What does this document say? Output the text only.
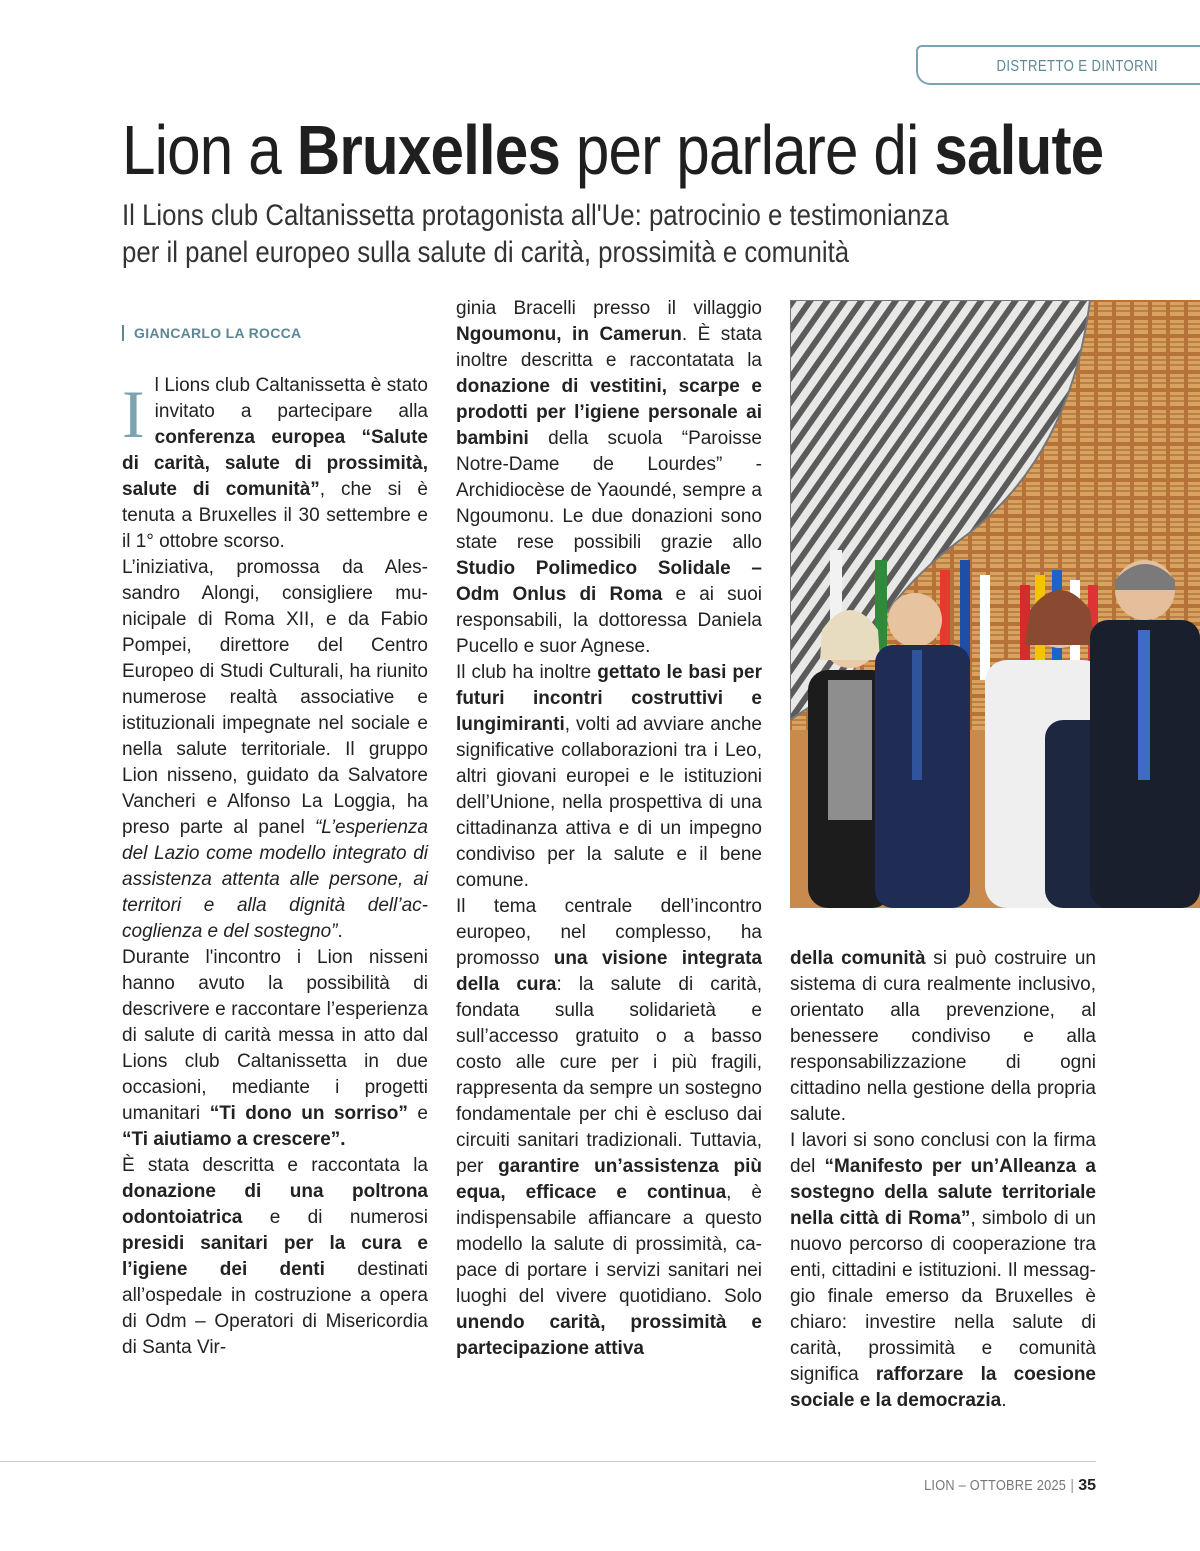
DISTRETTO E DINTORNI
Lion a Bruxelles per parlare di salute
Il Lions club Caltanissetta protagonista all'Ue: patrocinio e testimonianza
per il panel europeo sulla salute di carità, prossimità e comunità
GIANCARLO LA ROCCA

I l Lions club Caltanissetta è stato invitato a partecipare alla conferenza europea “Salute di carità, salute di prossimità, salute di comunità”, che si è tenuta a Bruxelles il 30 settembre e il 1° ottobre scorso.

L’iniziativa, promossa da Alessandro Alongi, consigliere municipale di Roma XII, e da Fabio Pompei, direttore del Centro Europeo di Studi Culturali, ha riunito numerose realtà associative e istituzionali impegnate nel sociale e nella salute territoriale. Il gruppo Lion nisseno, guidato da Salvatore Vancheri e Alfonso La Loggia, ha preso parte al panel “L’esperienza del Lazio come modello integrato di assistenza attenta alle persone, ai territori e alla dignità dell’accoglienza e del sostegno”.

Durante l'incontro i Lion nisseni hanno avuto la possibilità di descrivere e raccontare l’esperienza di salute di carità messa in atto dal Lions club Caltanissetta in due occasioni, mediante i progetti umanitari “Ti dono un sorriso” e “Ti aiutiamo a crescere”.

È stata descritta e raccontata la donazione di una poltrona odontoiatrica e di numerosi presidi sanitari per la cura e l’igiene dei denti destinati all’ospedale in costruzione a opera di Odm – Operatori di Misericordia di Santa Vir-

ginia Bracelli presso il villaggio Ngoumonu, in Camerun. È stata inoltre descritta e raccontatata la donazione di vestitini, scarpe e prodotti per l’igiene personale ai bambini della scuola “Paroisse Notre-Dame de Lourdes” - Archidiocèse de Yaoundé, sempre a Ngoumonu. Le due donazioni sono state rese possibili grazie allo Studio Polimedico Solidale – Odm Onlus di Roma e ai suoi responsabili, la dottoressa Daniela Pucello e suor Agnese.

Il club ha inoltre gettato le basi per futuri incontri costruttivi e lungimiranti, volti ad avviare anche significative collaborazioni tra i Leo, altri giovani europei e le istituzioni dell’Unione, nella prospettiva di una cittadinanza attiva e di un impegno condiviso per la salute e il bene comune.

Il tema centrale dell’incontro europeo, nel complesso, ha promosso una visione integrata della cura: la salute di carità, fondata sulla solidarietà e sull’accesso gratuito o a basso costo alle cure per i più fragili, rappresenta da sempre un sostegno fondamentale per chi è escluso dai circuiti sanitari tradizionali. Tuttavia, per garantire un’assistenza più equa, efficace e continua, è indispensabile affiancare a questo modello la salute di prossimità, capace di portare i servizi sanitari nei luoghi del vivere quotidiano. Solo unendo carità, prossimità e partecipazione attiva

della comunità si può costruire un sistema di cura realmente inclusivo, orientato alla prevenzione, al benessere condiviso e alla responsabilizzazione di ogni cittadino nella gestione della propria salute.

I lavori si sono conclusi con la firma del “Manifesto per un’Alleanza a sostegno della salute territoriale nella città di Roma”, simbolo di un nuovo percorso di cooperazione tra enti, cittadini e istituzioni. Il messaggio finale emerso da Bruxelles è chiaro: investire nella salute di carità, prossimità e comunità significa rafforzare la coesione sociale e la democrazia.

LION – OTTOBRE 2025 | 35
